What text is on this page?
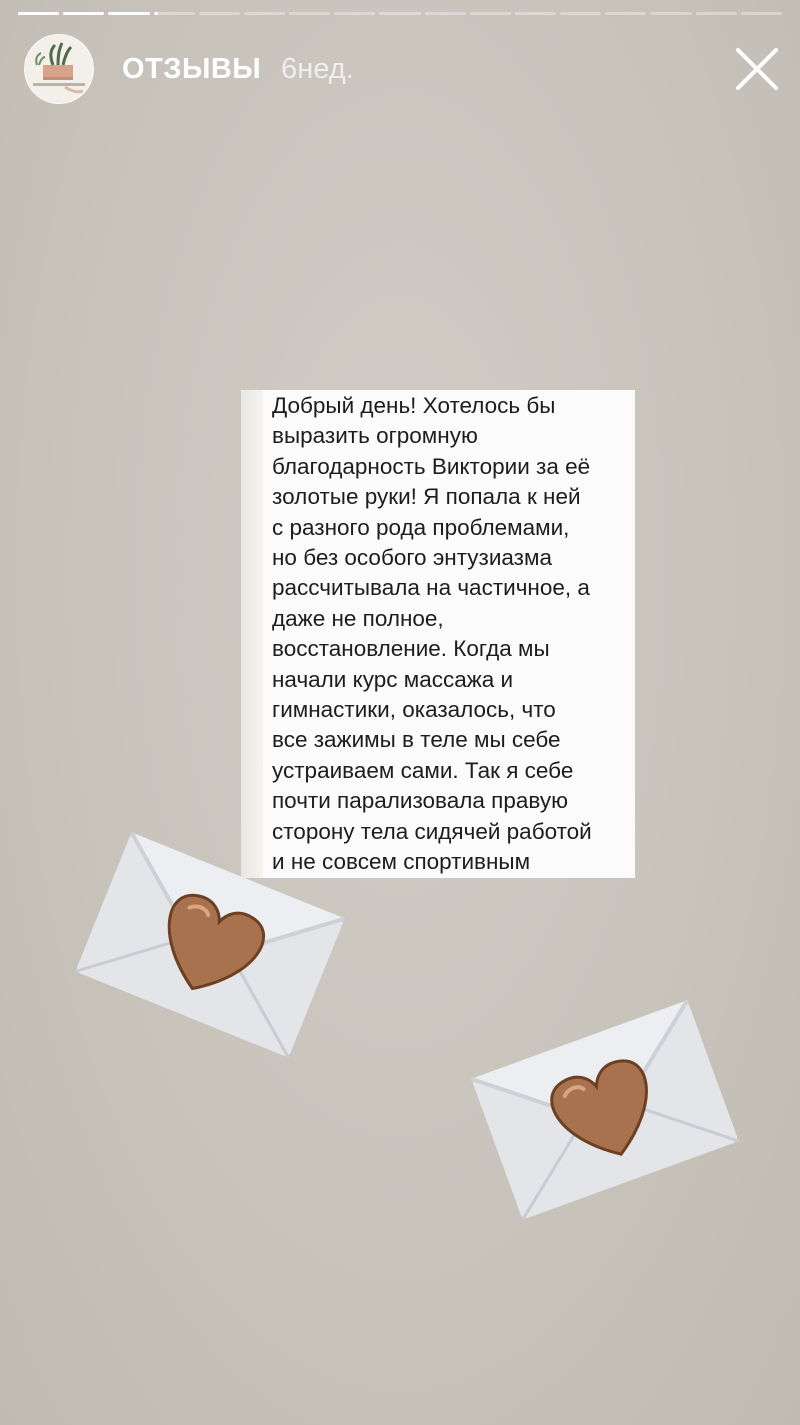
ОТЗЫВЫ 6нед.
Добрый день! Хотелось бы
выразить огромную
благодарность Виктории за её
золотые руки! Я попала к ней
с разного рода проблемами,
но без особого энтузиазма
рассчитывала на частичное, а
даже не полное,
восстановление. Когда мы
начали курс массажа и
гимнастики, оказалось, что
все зажимы в теле мы себе
устраиваем сами. Так я себе
почти парализовала правую
сторону тела сидячей работой
и не совсем спортивным
